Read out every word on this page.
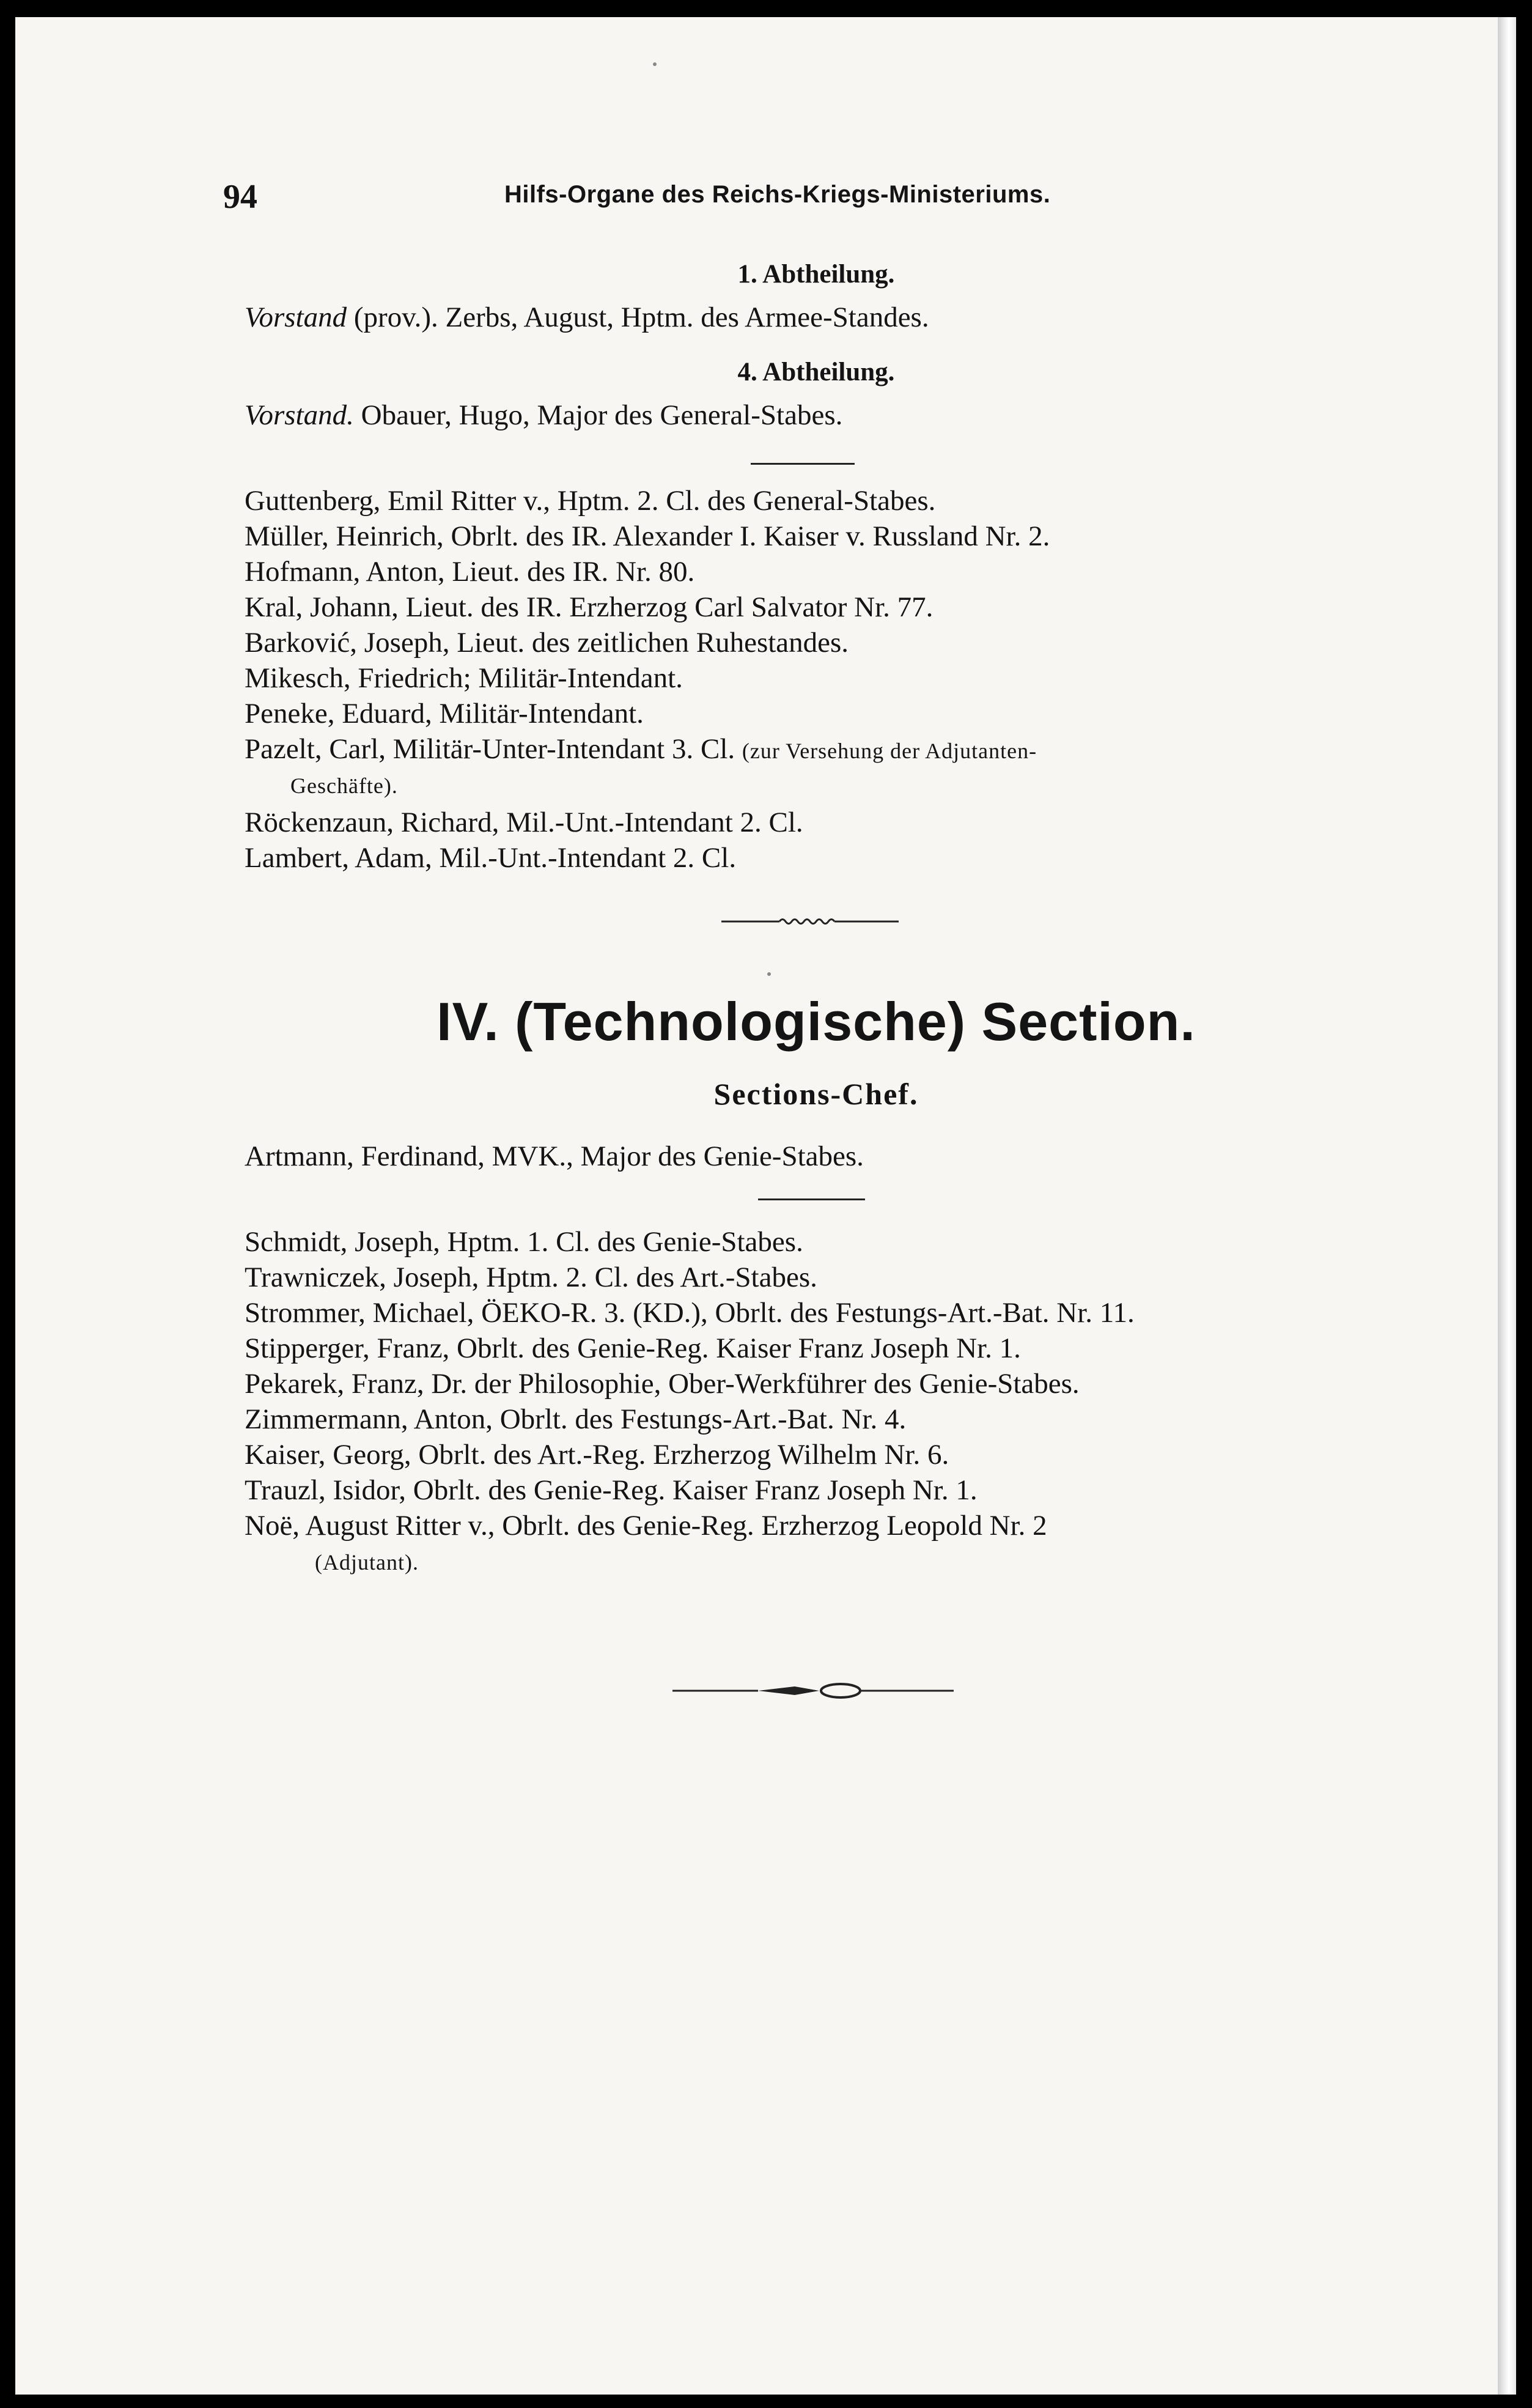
94	Hilfs-Organe des Reichs-Kriegs-Ministeriums.
1. Abtheilung.
Vorstand (prov.). Zerbs, August, Hptm. des Armee-Standes.
4. Abtheilung.
Vorstand. Obauer, Hugo, Major des General-Stabes.
Guttenberg, Emil Ritter v., Hptm. 2. Cl. des General-Stabes.
Müller, Heinrich, Obrlt. des IR. Alexander I. Kaiser v. Russland Nr. 2.
Hofmann, Anton, Lieut. des IR. Nr. 80.
Kral, Johann, Lieut. des IR. Erzherzog Carl Salvator Nr. 77.
Barković, Joseph, Lieut. des zeitlichen Ruhestandes.
Mikesch, Friedrich; Militär-Intendant.
Peneke, Eduard, Militär-Intendant.
Pazelt, Carl, Militär-Unter-Intendant 3. Cl. (zur Versehung der Adjutanten-
Geschäfte).
Röckenzaun, Richard, Mil.-Unt.-Intendant 2. Cl.
Lambert, Adam, Mil.-Unt.-Intendant 2. Cl.
IV. (Technologische) Section.
Sections-Chef.
Artmann, Ferdinand, MVK., Major des Genie-Stabes.
Schmidt, Joseph, Hptm. 1. Cl. des Genie-Stabes.
Trawniczek, Joseph, Hptm. 2. Cl. des Art.-Stabes.
Strommer, Michael, ÖEKO-R. 3. (KD.), Obrlt. des Festungs-Art.-Bat. Nr. 11.
Stipperger, Franz, Obrlt. des Genie-Reg. Kaiser Franz Joseph Nr. 1.
Pekarek, Franz, Dr. der Philosophie, Ober-Werkführer des Genie-Stabes.
Zimmermann, Anton, Obrlt. des Festungs-Art.-Bat. Nr. 4.
Kaiser, Georg, Obrlt. des Art.-Reg. Erzherzog Wilhelm Nr. 6.
Trauzl, Isidor, Obrlt. des Genie-Reg. Kaiser Franz Joseph Nr. 1.
Noë, August Ritter v., Obrlt. des Genie-Reg. Erzherzog Leopold Nr. 2
(Adjutant).
